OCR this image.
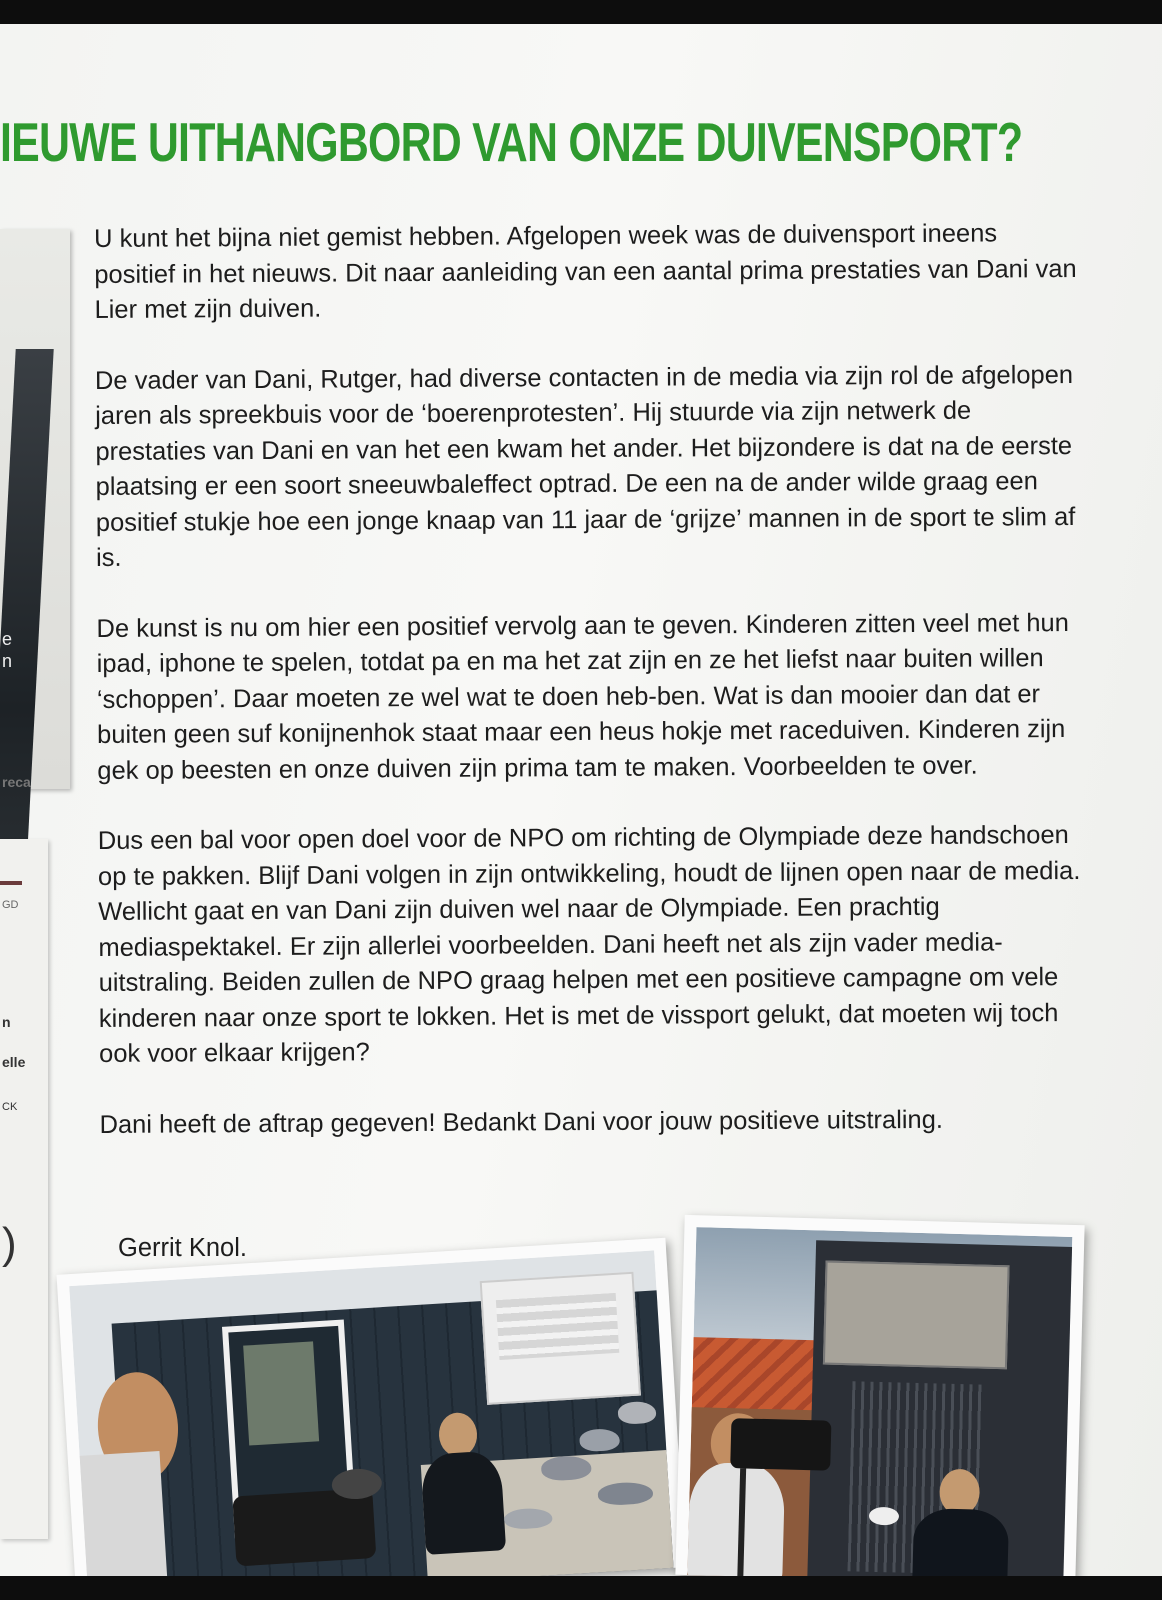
e
n
reca
GD
n
elle
CK
)
IEUWE UITHANGBORD VAN ONZE DUIVENSPORT?

U kunt het bijna niet gemist hebben. Afgelopen week was de duivensport ineens positief in het nieuws. Dit naar aanleiding van een aantal prima prestaties van Dani van Lier met zijn duiven.

De vader van Dani, Rutger, had diverse contacten in de media via zijn rol de afgelopen jaren als spreekbuis voor de ‘boerenprotesten’. Hij stuurde via zijn netwerk de prestaties van Dani en van het een kwam het ander. Het bijzondere is dat na de eerste plaatsing er een soort sneeuwbaleffect optrad. De een na de ander wilde graag een positief stukje hoe een jonge knaap van 11 jaar de ‘grijze’ mannen in de sport te slim af is.

De kunst is nu om hier een positief vervolg aan te geven. Kinderen zitten veel met hun ipad, iphone te spelen, totdat pa en ma het zat zijn en ze het liefst naar buiten willen ‘schoppen’. Daar moeten ze wel wat te doen heb-ben. Wat is dan mooier dan dat er buiten geen suf konijnenhok staat maar een heus hokje met raceduiven. Kinderen zijn gek op beesten en onze duiven zijn prima tam te maken. Voorbeelden te over.

Dus een bal voor open doel voor de NPO om richting de Olympiade deze handschoen op te pakken. Blijf Dani volgen in zijn ontwikkeling, houdt de lijnen open naar de media. Wellicht gaat en van Dani zijn duiven wel naar de Olympiade. Een prachtig mediaspektakel. Er zijn allerlei voorbeelden. Dani heeft net als zijn vader media-uitstraling. Beiden zullen de NPO graag helpen met een positieve campagne om vele kinderen naar onze sport te lokken. Het is met de vissport gelukt, dat moeten wij toch ook voor elkaar krijgen?

Dani heeft de aftrap gegeven! Bedankt Dani voor jouw positieve uitstraling.

Gerrit Knol.
